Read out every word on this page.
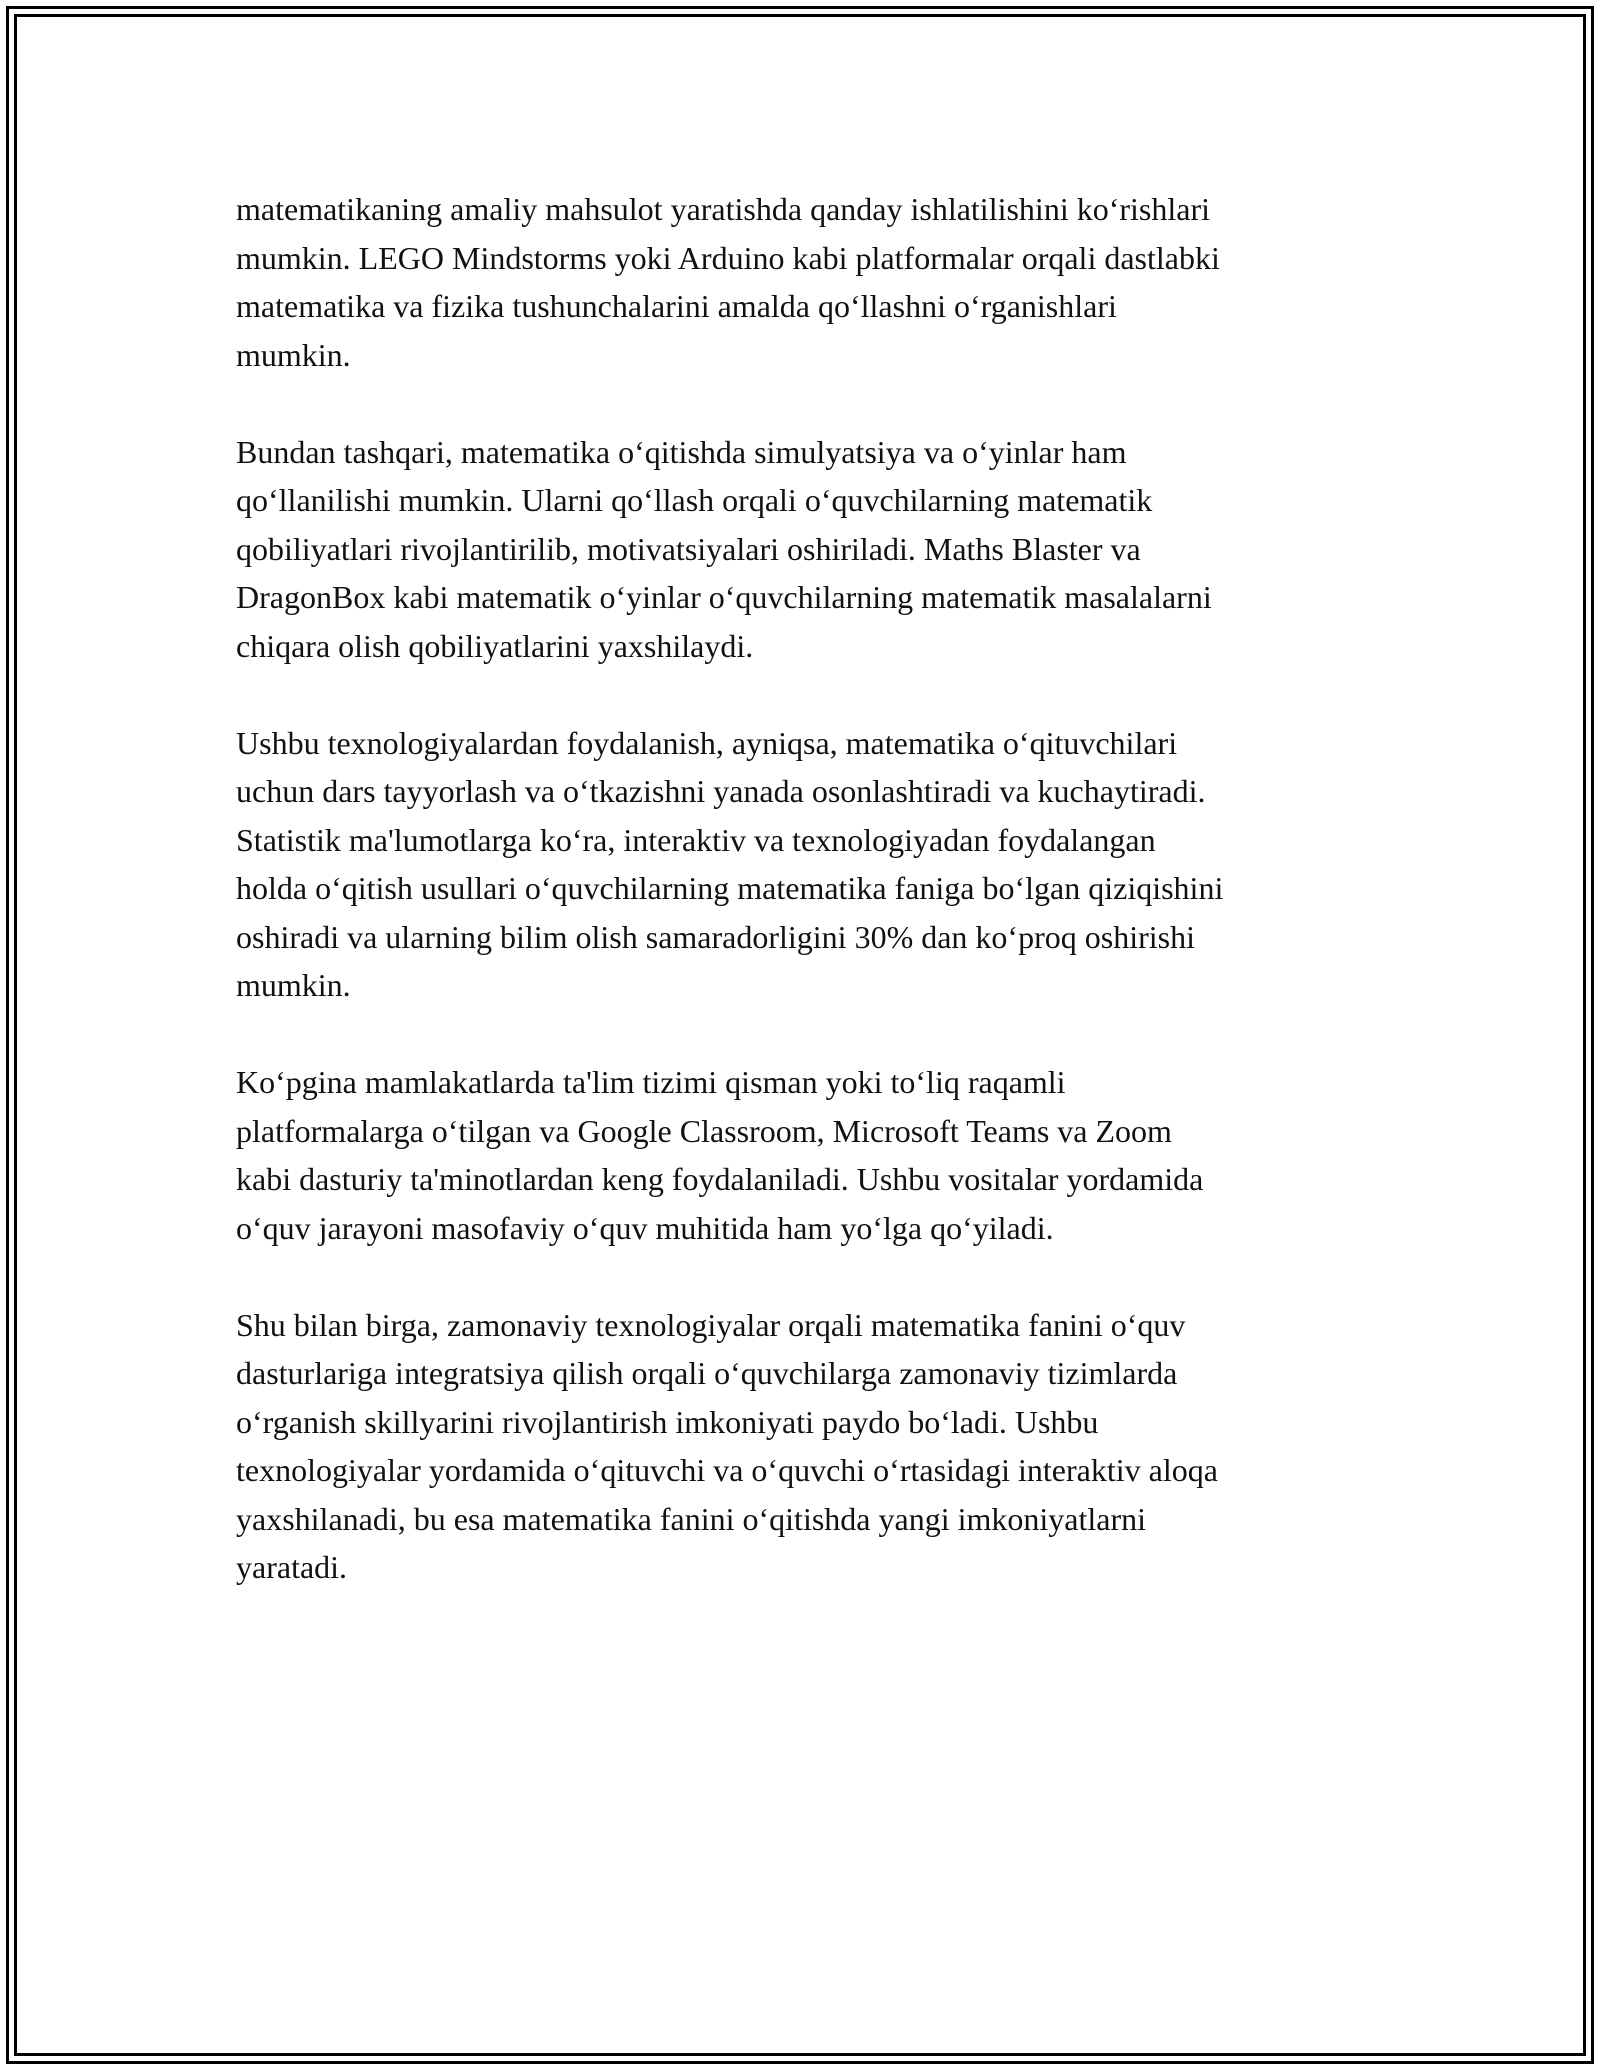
matematikaning amaliy mahsulot yaratishda qanday ishlatilishini koʻrishlari
mumkin. LEGO Mindstorms yoki Arduino kabi platformalar orqali dastlabki
matematika va fizika tushunchalarini amalda qoʻllashni oʻrganishlari
mumkin.

Bundan tashqari, matematika oʻqitishda simulyatsiya va oʻyinlar ham
qoʻllanilishi mumkin. Ularni qoʻllash orqali oʻquvchilarning matematik
qobiliyatlari rivojlantirilib, motivatsiyalari oshiriladi. Maths Blaster va
DragonBox kabi matematik oʻyinlar oʻquvchilarning matematik masalalarni
chiqara olish qobiliyatlarini yaxshilaydi.

Ushbu texnologiyalardan foydalanish, ayniqsa, matematika oʻqituvchilari
uchun dars tayyorlash va oʻtkazishni yanada osonlashtiradi va kuchaytiradi.
Statistik ma'lumotlarga koʻra, interaktiv va texnologiyadan foydalangan
holda oʻqitish usullari oʻquvchilarning matematika faniga boʻlgan qiziqishini
oshiradi va ularning bilim olish samaradorligini 30% dan koʻproq oshirishi
mumkin.

Koʻpgina mamlakatlarda ta'lim tizimi qisman yoki toʻliq raqamli
platformalarga oʻtilgan va Google Classroom, Microsoft Teams va Zoom
kabi dasturiy ta'minotlardan keng foydalaniladi. Ushbu vositalar yordamida
oʻquv jarayoni masofaviy oʻquv muhitida ham yoʻlga qoʻyiladi.

Shu bilan birga, zamonaviy texnologiyalar orqali matematika fanini oʻquv
dasturlariga integratsiya qilish orqali oʻquvchilarga zamonaviy tizimlarda
oʻrganish skillyarini rivojlantirish imkoniyati paydo boʻladi. Ushbu
texnologiyalar yordamida oʻqituvchi va oʻquvchi oʻrtasidagi interaktiv aloqa
yaxshilanadi, bu esa matematika fanini oʻqitishda yangi imkoniyatlarni
yaratadi.
